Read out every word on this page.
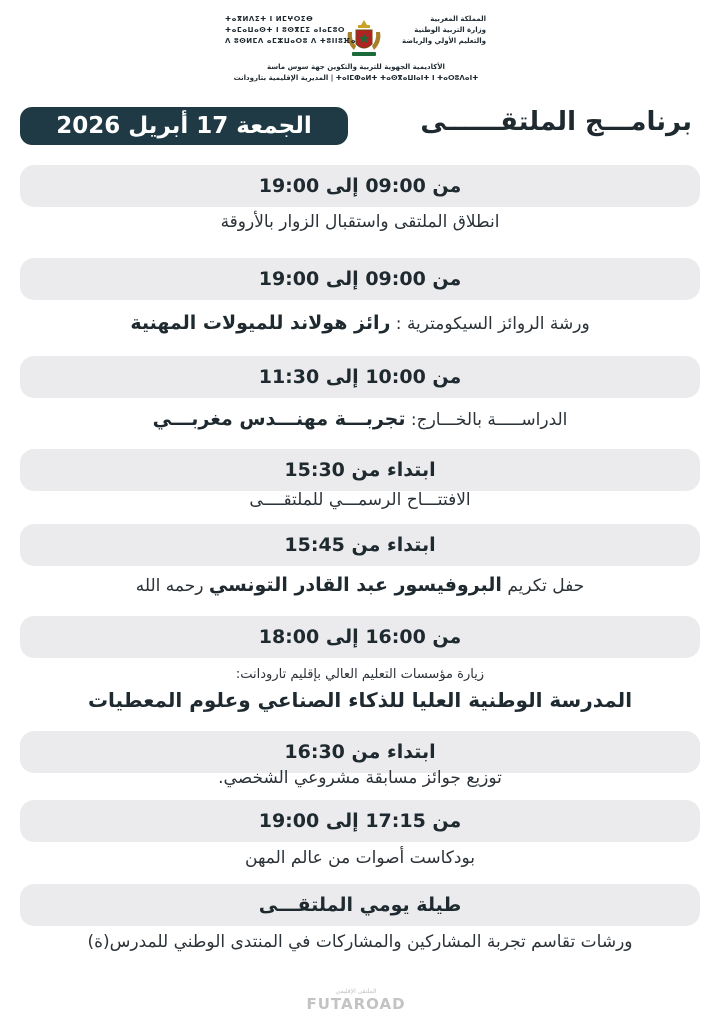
المملكة المغربية
وزارة التربية الوطنية
والتعليم الأولي والرياضة
ⵜⴰⴳⵍⴷⵉⵜ ⵏ ⵍⵎⵖⵔⵉⴱ
ⵜⴰⵎⴰⵡⴰⵙⵜ ⵏ ⵓⵙⴳⵎⵉ ⴰⵏⴰⵎⵓⵔ
ⴷ ⵓⵙⵍⵎⴷ ⴰⵎⵣⵡⴰⵔⵓ ⴷ ⵜⵓⵏⵏⵓⴼⴰ
الأكاديمية الجهوية للتربية والتكوين جهة سوس ماسة
ⵜⴰⵏⵎⵀⴰⵍⵜ ⵜⴰⵙⴳⴰⵡⵏⴰⵏⵜ ⵏ ⵜⴰⵔⵓⴷⴰⵏⵜ | المديرية الإقليمية بتارودانت
برنامـــج الملتقــــــى
الجمعة 17 أبريل 2026
من 09:00 إلى 19:00
انطلاق الملتقى واستقبال الزوار بالأروقة
من 09:00 إلى 19:00
ورشة الروائز السيكومترية : رائز هولاند للميولات المهنية
من 10:00 إلى 11:30
الدراســـــة بالخـــارج: تجربـــة مهنـــدس مغربـــي
ابتداء من 15:30
الافتتـــاح الرسمـــي للملتقــــى
ابتداء من 15:45
حفل تكريم البروفيسور عبد القادر التونسي رحمه الله
من 16:00 إلى 18:00
زيارة مؤسسات التعليم العالي بإقليم تارودانت:
المدرسة الوطنية العليا للذكاء الصناعي وعلوم المعطيات
ابتداء من 16:30
توزيع جوائز مسابقة مشروعي الشخصي.
من 17:15 إلى 19:00
بودكاست أصوات من عالم المهن
طيلة يومي الملتقـــى
ورشات تقاسم تجربة المشاركين والمشاركات في المنتدى الوطني للمدرس(ة)
الملتقى الإقليمي
FUTAROAD
